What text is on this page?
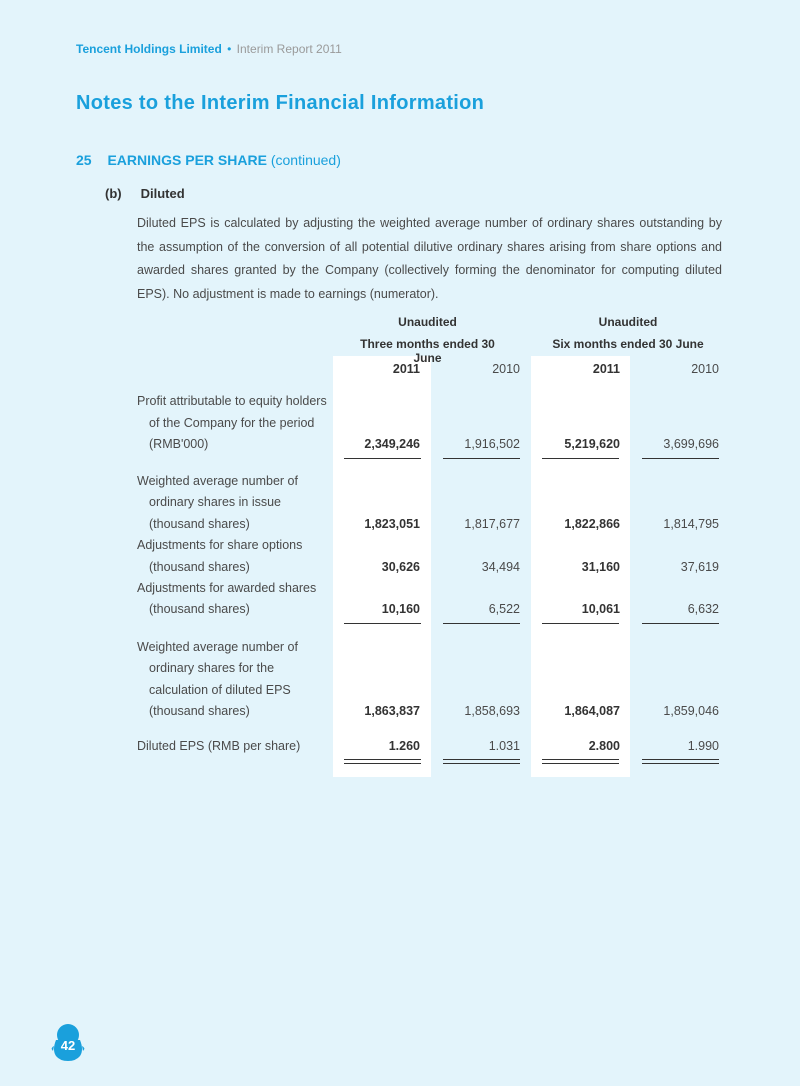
Tencent Holdings Limited • Interim Report 2011
Notes to the Interim Financial Information
25 EARNINGS PER SHARE (continued)
(b) Diluted
Diluted EPS is calculated by adjusting the weighted average number of ordinary shares outstanding by the assumption of the conversion of all potential dilutive ordinary shares arising from share options and awarded shares granted by the Company (collectively forming the denominator for computing diluted EPS). No adjustment is made to earnings (numerator).
Unaudited
Three months ended 30 June
Unaudited
Six months ended 30 June
2011	2010	2011	2010
Profit attributable to equity holders
of the Company for the period
(RMB'000)	2,349,246	1,916,502	5,219,620	3,699,696
Weighted average number of
ordinary shares in issue
(thousand shares)	1,823,051	1,817,677	1,822,866	1,814,795
Adjustments for share options
(thousand shares)	30,626	34,494	31,160	37,619
Adjustments for awarded shares
(thousand shares)	10,160	6,522	10,061	6,632
Weighted average number of
ordinary shares for the
calculation of diluted EPS
(thousand shares)	1,863,837	1,858,693	1,864,087	1,859,046
Diluted EPS (RMB per share)	1.260	1.031	2.800	1.990
42
